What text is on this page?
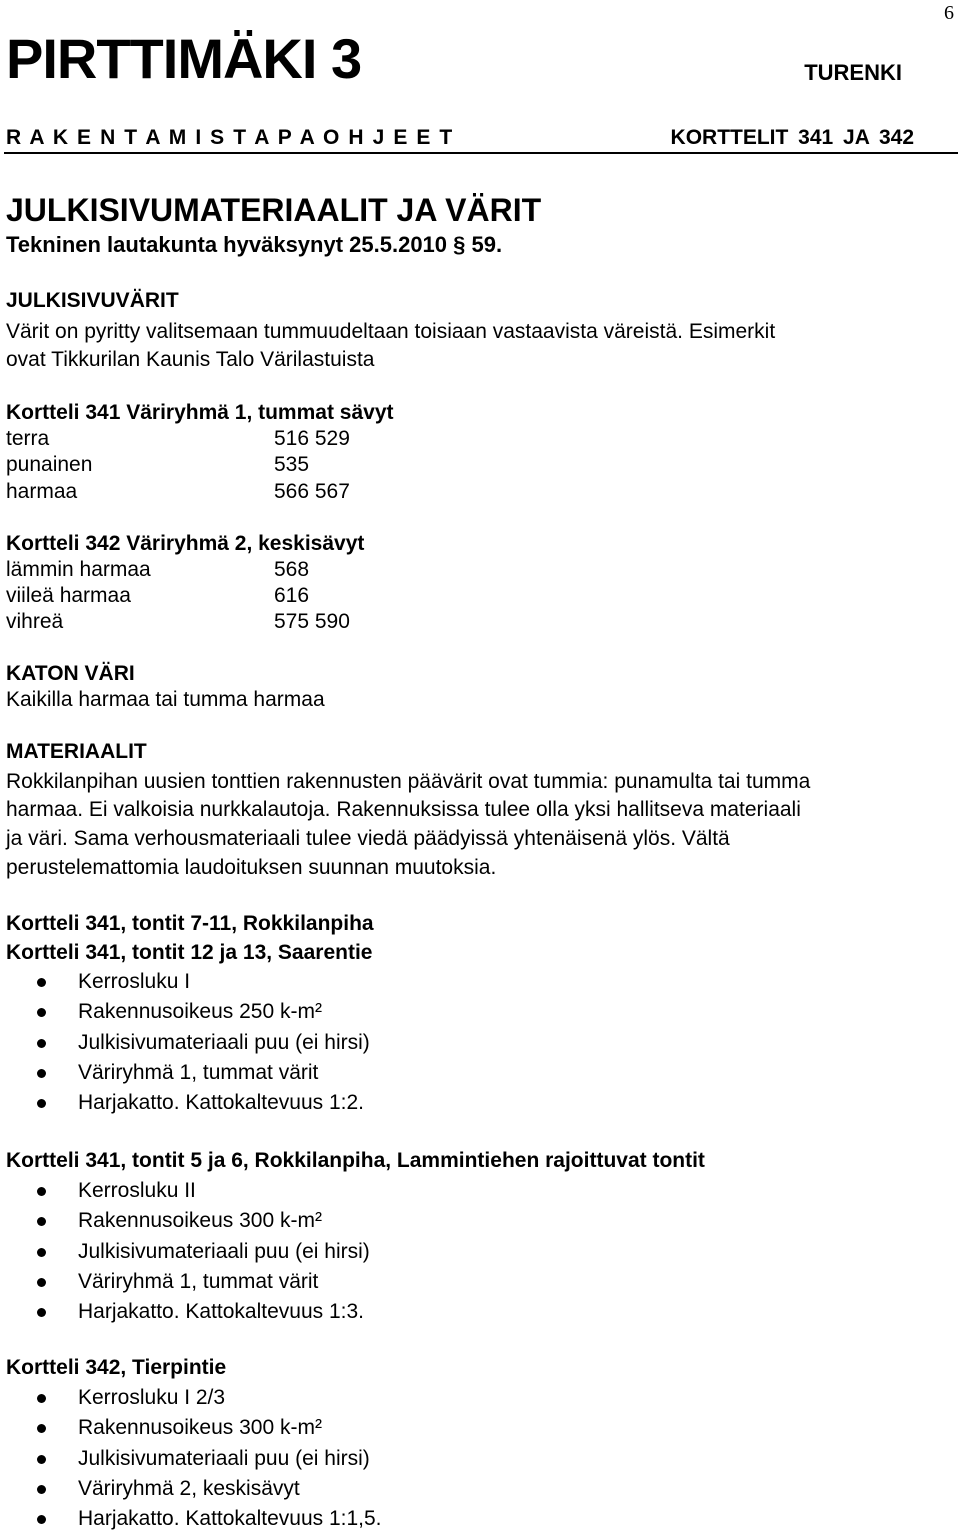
6
PIRTTIMÄKI 3	TURENKI
R A K E N T A M I S T A P A O H J E E T	KORTTELIT 341 JA 342
JULKISIVUMATERIAALIT JA VÄRIT
Tekninen lautakunta hyväksynyt 25.5.2010 § 59.
JULKISIVUVÄRIT
Värit on pyritty valitsemaan tummuudeltaan toisiaan vastaavista väreistä. Esimerkit
ovat Tikkurilan Kaunis Talo Värilastuista
Kortteli 341 Väriryhmä 1, tummat sävyt
terra	516 529
punainen	535
harmaa	566 567
Kortteli 342 Väriryhmä 2, keskisävyt
lämmin harmaa	568
viileä harmaa	616
vihreä	575 590
KATON VÄRI
Kaikilla harmaa tai tumma harmaa
MATERIAALIT
Rokkilanpihan uusien tonttien rakennusten päävärit ovat tummia: punamulta tai tumma
harmaa. Ei valkoisia nurkkalautoja. Rakennuksissa tulee olla yksi hallitseva materiaali
ja väri. Sama verhousmateriaali tulee viedä päädyissä yhtenäisenä ylös. Vältä
perustelemattomia laudoituksen suunnan muutoksia.
Kortteli 341, tontit 7-11, Rokkilanpiha
Kortteli 341, tontit 12 ja 13, Saarentie
Kerrosluku I
Rakennusoikeus 250 k-m²
Julkisivumateriaali puu (ei hirsi)
Väriryhmä 1, tummat värit
Harjakatto. Kattokaltevuus 1:2.
Kortteli 341, tontit 5 ja 6, Rokkilanpiha, Lammintiehen rajoittuvat tontit
Kerrosluku II
Rakennusoikeus 300 k-m²
Julkisivumateriaali puu (ei hirsi)
Väriryhmä 1, tummat värit
Harjakatto. Kattokaltevuus 1:3.
Kortteli 342, Tierpintie
Kerrosluku I 2/3
Rakennusoikeus 300 k-m²
Julkisivumateriaali puu (ei hirsi)
Väriryhmä 2, keskisävyt
Harjakatto. Kattokaltevuus 1:1,5.
